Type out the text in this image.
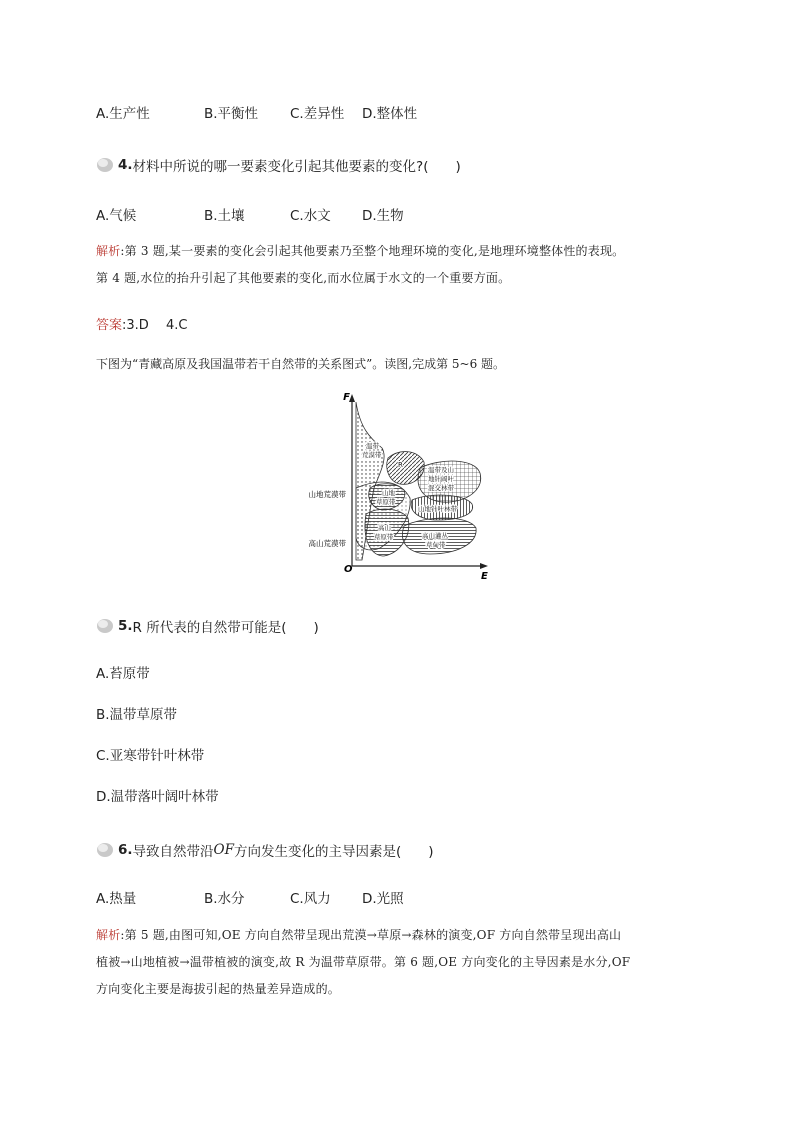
A.生产性	B.平衡性 C.差异性 D.整体性
4. 材料中所说的哪一要素变化引起其他要素的变化?(　　)
A.气候	B.土壤	C.水文 D.生物
解析:第 3 题,某一要素的变化会引起其他要素乃至整个地理环境的变化,是地理环境整体性的表现。
第 4 题,水位的抬升引起了其他要素的变化,而水位属于水文的一个重要方面。
答案:3.D　 4.C
下图为“青藏高原及我国温带若干自然带的关系图式”。读图,完成第 5~6 题。
F
E
O
山地荒漠带
高山荒漠带
温带
荒漠带
R
温带及山
地针阔叶
混交林带
山地
草原带
山地针叶林带
高山
草原带	高山灌丛
草甸带
5. R 所代表的自然带可能是(　　)
A.苔原带
B.温带草原带
C.亚寒带针叶林带
D.温带落叶阔叶林带
6. 导致自然带沿 OF 方向发生变化的主导因素是(　　)
A.热量	B.水分	C.风力 D.光照
解析:第 5 题,由图可知,OE 方向自然带呈现出荒漠→草原→森林的演变,OF 方向自然带呈现出高山
植被→山地植被→温带植被的演变,故 R 为温带草原带。第 6 题,OE 方向变化的主导因素是水分,OF
方向变化主要是海拔引起的热量差异造成的。
